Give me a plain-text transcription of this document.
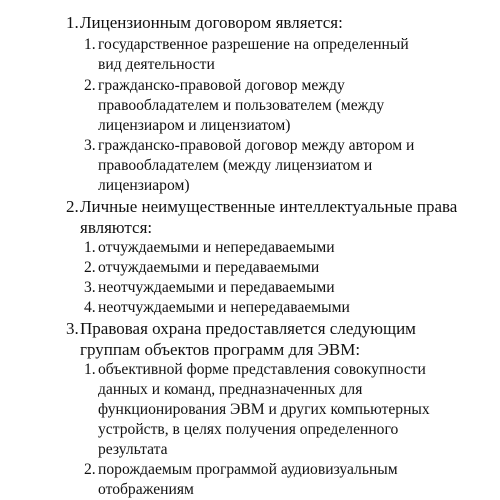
1. Лицензионным договором является:
1. государственное разрешение на определенный
вид деятельности
2. гражданско-правовой договор между
правообладателем и пользователем (между
лицензиаром и лицензиатом)
3. гражданско-правовой договор между автором и
правообладателем (между лицензиатом и
лицензиаром)
2. Личные неимущественные интеллектуальные права
являются:
1. отчуждаемыми и непередаваемыми
2. отчуждаемыми и передаваемыми
3. неотчуждаемыми и передаваемыми
4. неотчуждаемыми и непередаваемыми
3. Правовая охрана предоставляется следующим
группам объектов программ для ЭВМ:
1. объективной форме представления совокупности
данных и команд, предназначенных для
функционирования ЭВМ и других компьютерных
устройств, в целях получения определенного
результата
2. порождаемым программой аудиовизуальным
отображениям
